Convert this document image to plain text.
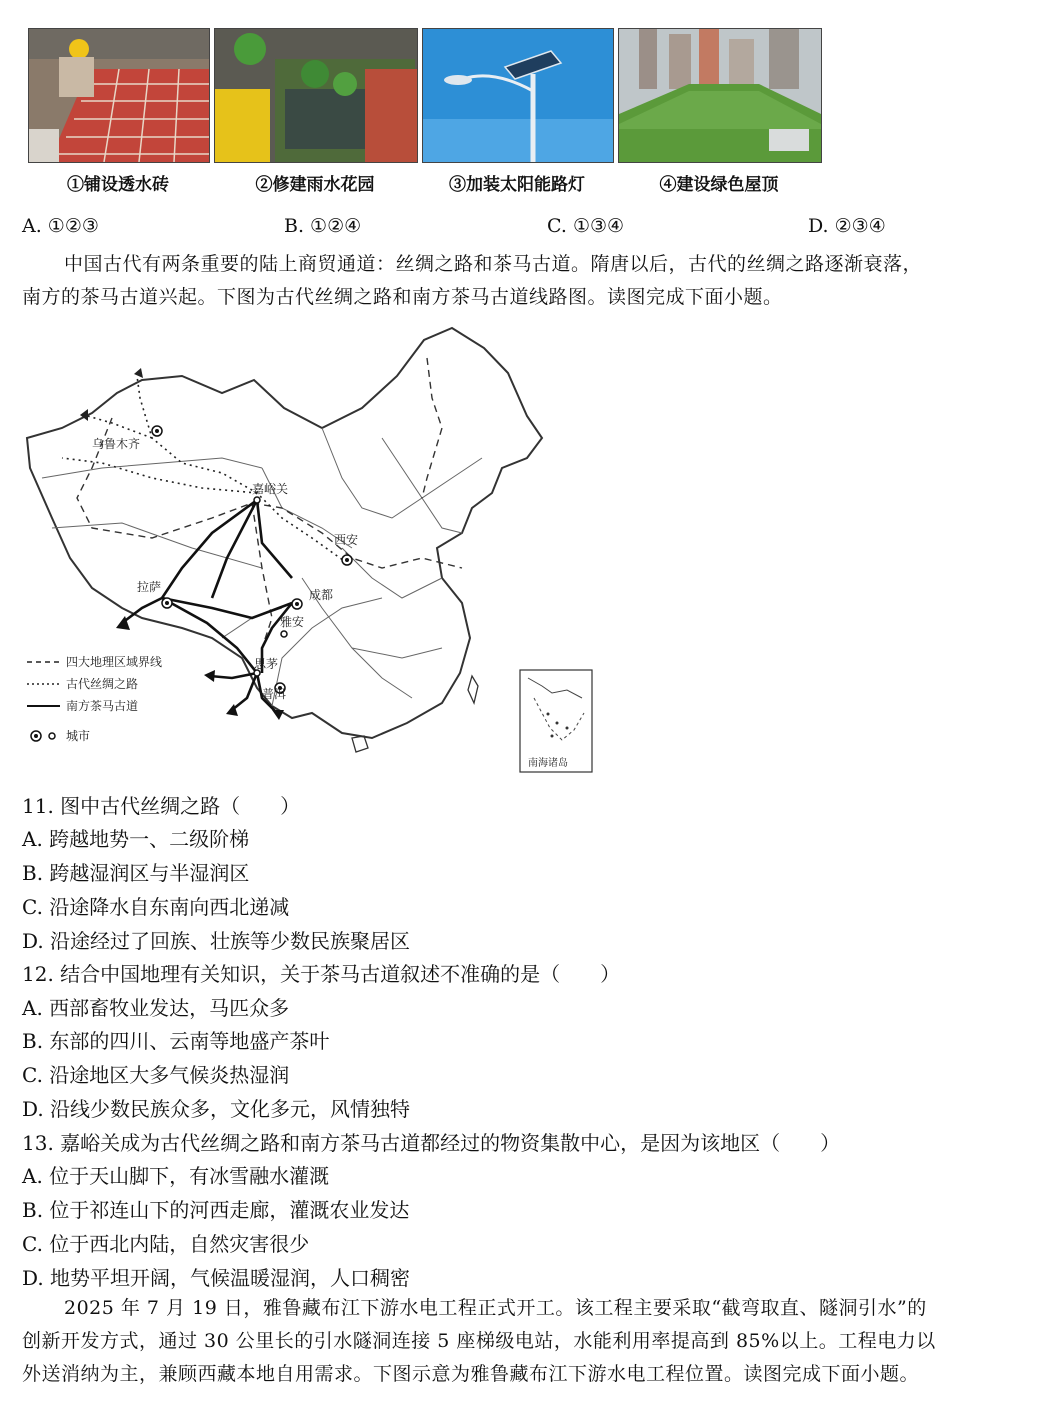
①铺设透水砖	②修建雨水花园	③加装太阳能路灯	④建设绿色屋顶
A. ①②③	B. ①②④	C. ①③④	D. ②③④
中国古代有两条重要的陆上商贸通道：丝绸之路和茶马古道。隋唐以后，古代的丝绸之路逐渐衰落，
南方的茶马古道兴起。下图为古代丝绸之路和南方茶马古道线路图。读图完成下面小题。
乌鲁木齐
嘉峪关
西安
拉萨
成都
雅安
思茅
普洱
四大地理区域界线
古代丝绸之路
南方茶马古道
城市
南海诸岛
11. 图中古代丝绸之路（　　）
A. 跨越地势一、二级阶梯
B. 跨越湿润区与半湿润区
C. 沿途降水自东南向西北递减
D. 沿途经过了回族、壮族等少数民族聚居区
12. 结合中国地理有关知识，关于茶马古道叙述不准确的是（　　）
A. 西部畜牧业发达，马匹众多
B. 东部的四川、云南等地盛产茶叶
C. 沿途地区大多气候炎热湿润
D. 沿线少数民族众多，文化多元，风情独特
13. 嘉峪关成为古代丝绸之路和南方茶马古道都经过的物资集散中心，是因为该地区（　　）
A. 位于天山脚下，有冰雪融水灌溉
B. 位于祁连山下的河西走廊，灌溉农业发达
C. 位于西北内陆，自然灾害很少
D. 地势平坦开阔，气候温暖湿润，人口稠密
2025 年 7 月 19 日，雅鲁藏布江下游水电工程正式开工。该工程主要采取“截弯取直、隧洞引水”的
创新开发方式，通过 30 公里长的引水隧洞连接 5 座梯级电站，水能利用率提高到 85%以上。工程电力以
外送消纳为主，兼顾西藏本地自用需求。下图示意为雅鲁藏布江下游水电工程位置。读图完成下面小题。
